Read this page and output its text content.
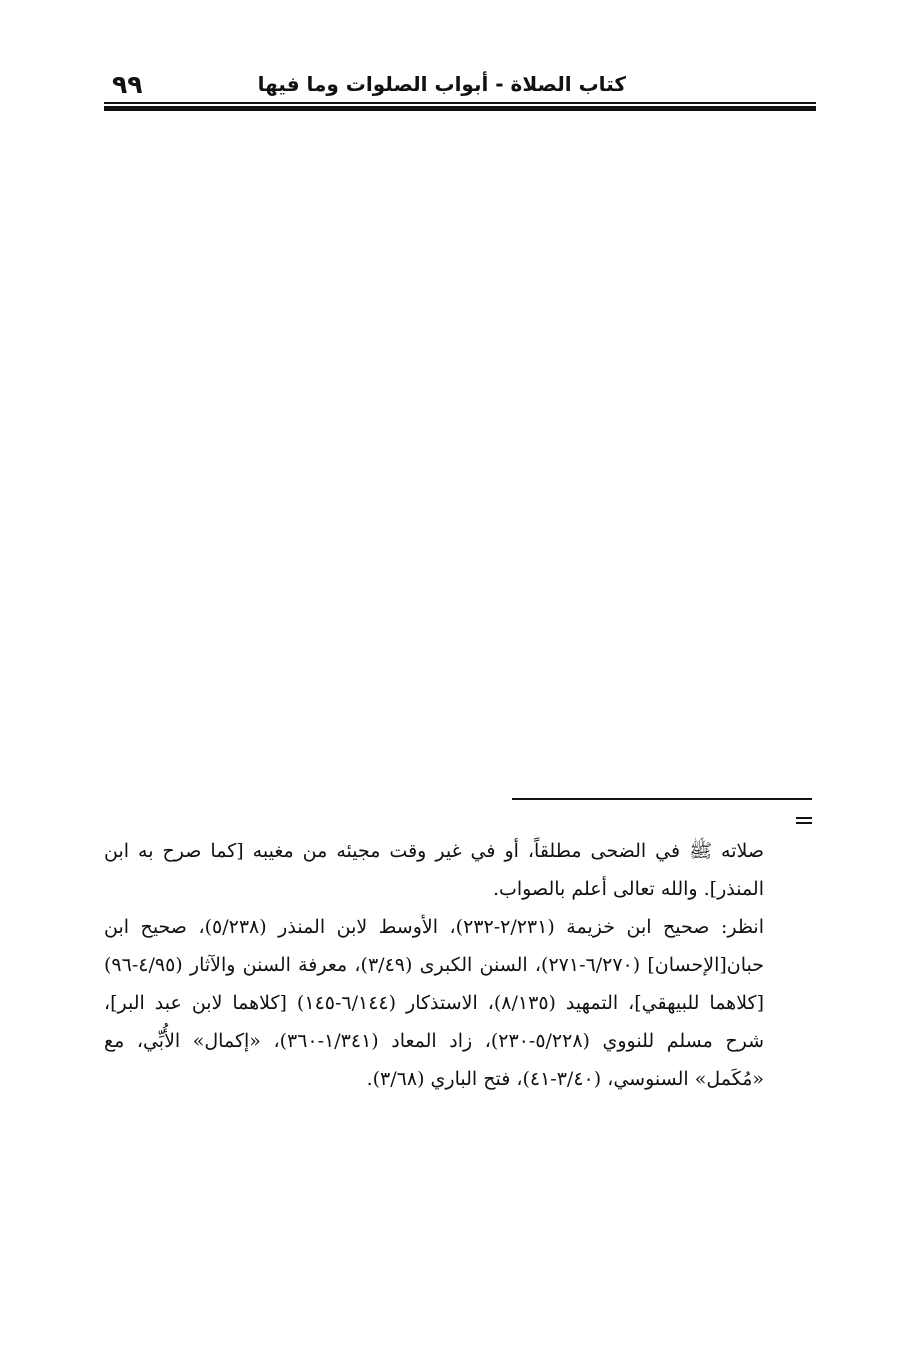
٩٩	كتاب الصلاة - أبواب الصلوات وما فيها

صلاته ﷺ في الضحى مطلقاً، أو في غير وقت مجيئه من مغيبه [كما صرح به ابن المنذر]. والله تعالى أعلم بالصواب.

انظر: صحيح ابن خزيمة (٢/٢٣١-٢٣٢)، الأوسط لابن المنذر (٥/٢٣٨)، صحيح ابن حبان[الإحسان] (٦/٢٧٠-٢٧١)، السنن الكبرى (٣/٤٩)، معرفة السنن والآثار (٤/٩٥-٩٦) [كلاهما للبيهقي]، التمهيد (٨/١٣٥)، الاستذكار (٦/١٤٤-١٤٥) [كلاهما لابن عبد البر]، شرح مسلم للنووي (٥/٢٢٨-٢٣٠)، زاد المعاد (١/٣٤١-٣٦٠)، «إكمال» الأُبِّي، مع «مُكَمل» السنوسي، (٣/٤٠-٤١)، فتح الباري (٣/٦٨).
